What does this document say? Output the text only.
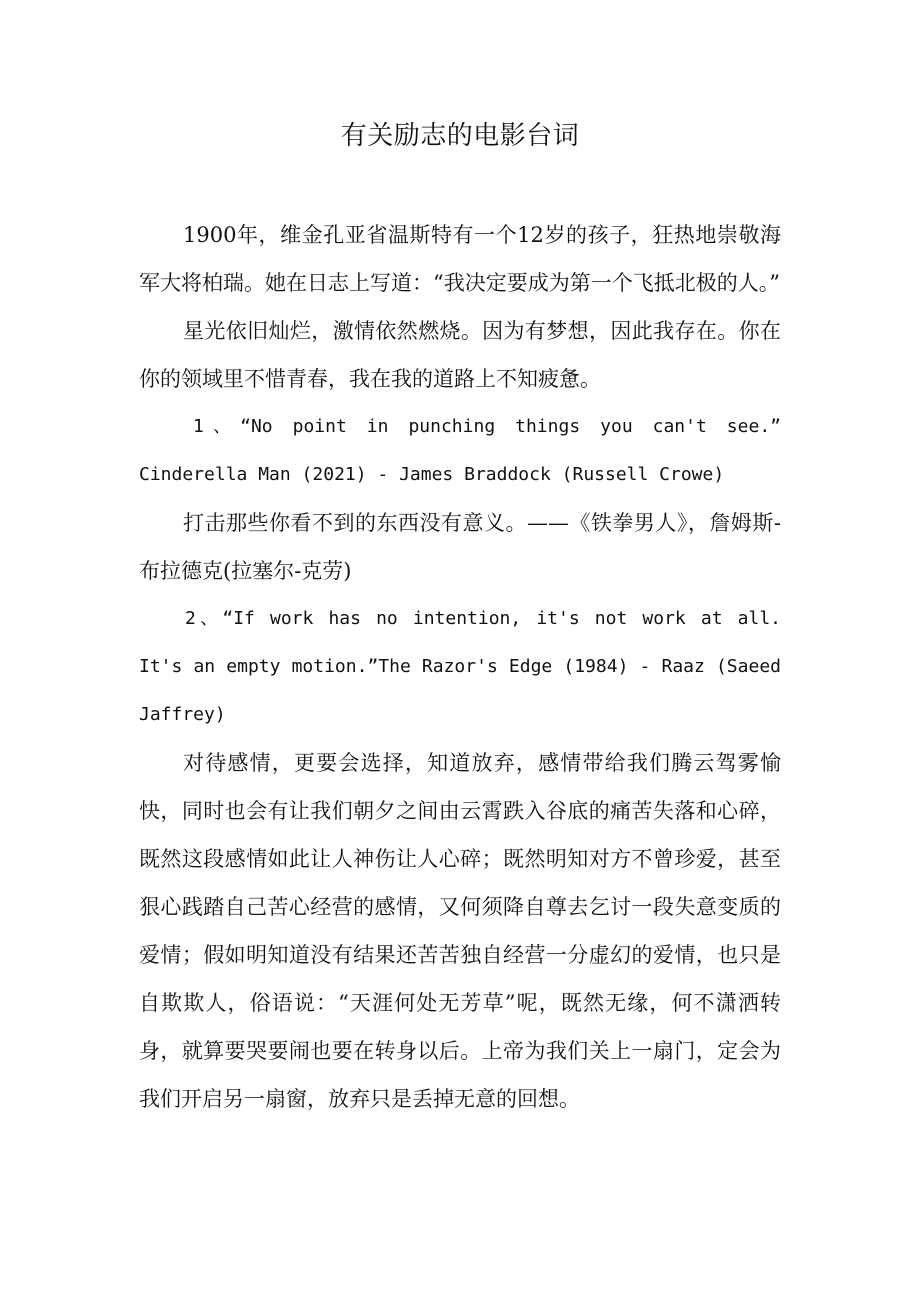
有关励志的电影台词

1900年，维金孔亚省温斯特有一个12岁的孩子，狂热地崇敬海军大将柏瑞。她在日志上写道：“我决定要成为第一个飞抵北极的人。”

星光依旧灿烂，激情依然燃烧。因为有梦想，因此我存在。你在你的领域里不惜青春，我在我的道路上不知疲惫。

1、“No point in punching things you can't see.” Cinderella Man (2021) - James Braddock (Russell Crowe)

打击那些你看不到的东西没有意义。——《铁拳男人》，詹姆斯-布拉德克(拉塞尔-克劳)

2、“If work has no intention, it's not work at all. It's an empty motion.”The Razor's Edge (1984) - Raaz (Saeed Jaffrey)

对待感情，更要会选择，知道放弃，感情带给我们腾云驾雾愉快，同时也会有让我们朝夕之间由云霄跌入谷底的痛苦失落和心碎，既然这段感情如此让人神伤让人心碎；既然明知对方不曾珍爱，甚至狠心践踏自己苦心经营的感情，又何须降自尊去乞讨一段失意变质的爱情；假如明知道没有结果还苦苦独自经营一分虚幻的爱情，也只是自欺欺人，俗语说：“天涯何处无芳草”呢，既然无缘，何不潇洒转身，就算要哭要闹也要在转身以后。上帝为我们关上一扇门，定会为我们开启另一扇窗，放弃只是丢掉无意的回想。
